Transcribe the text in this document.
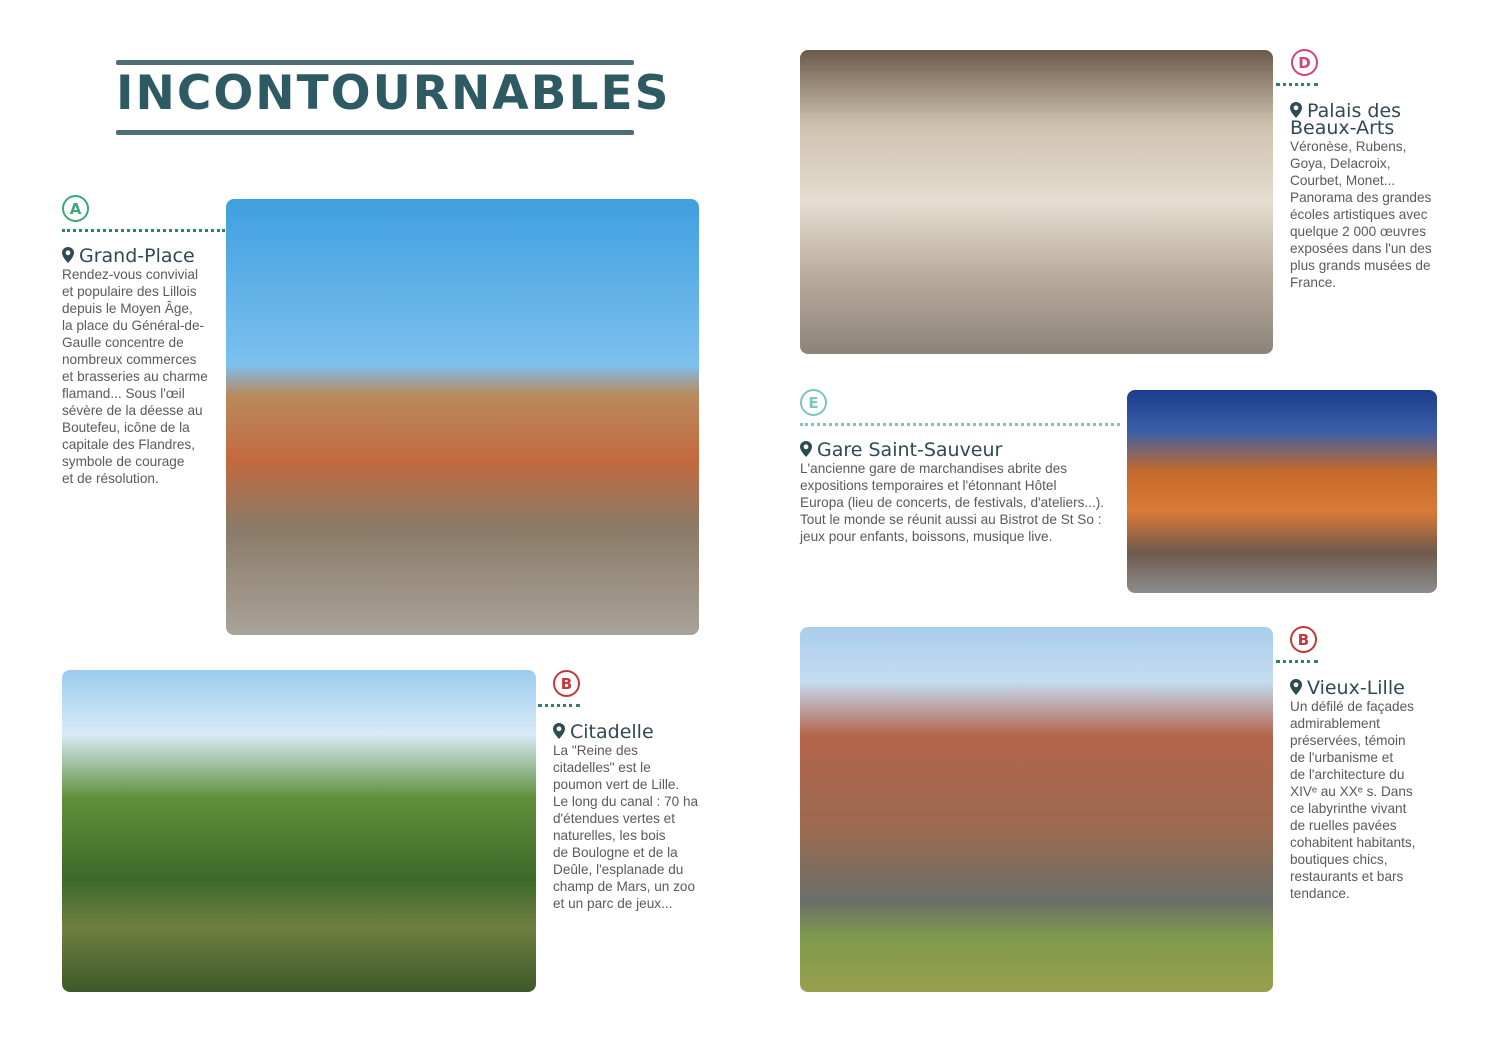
INCONTOURNABLES
A
Grand-Place
Rendez-vous convivial
et populaire des Lillois
depuis le Moyen Âge,
la place du Général-de-
Gaulle concentre de
nombreux commerces
et brasseries au charme
flamand... Sous l'œil
sévère de la déesse au
Boutefeu, icône de la
capitale des Flandres,
symbole de courage
et de résolution.
B
Citadelle
La "Reine des
citadelles" est le
poumon vert de Lille.
Le long du canal : 70 ha
d'étendues vertes et
naturelles, les bois
de Boulogne et de la
Deûle, l'esplanade du
champ de Mars, un zoo
et un parc de jeux...
D
Palais des
Beaux-Arts
Véronèse, Rubens,
Goya, Delacroix,
Courbet, Monet...
Panorama des grandes
écoles artistiques avec
quelque 2 000 œuvres
exposées dans l'un des
plus grands musées de
France.
E
Gare Saint-Sauveur
L'ancienne gare de marchandises abrite des
expositions temporaires et l'étonnant Hôtel
Europa (lieu de concerts, de festivals, d'ateliers...).
Tout le monde se réunit aussi au Bistrot de St So :
jeux pour enfants, boissons, musique live.
B
Vieux-Lille
Un défilé de façades
admirablement
préservées, témoin
de l'urbanisme et
de l'architecture du
XIVᵉ au XXᵉ s. Dans
ce labyrinthe vivant
de ruelles pavées
cohabitent habitants,
boutiques chics,
restaurants et bars
tendance.
